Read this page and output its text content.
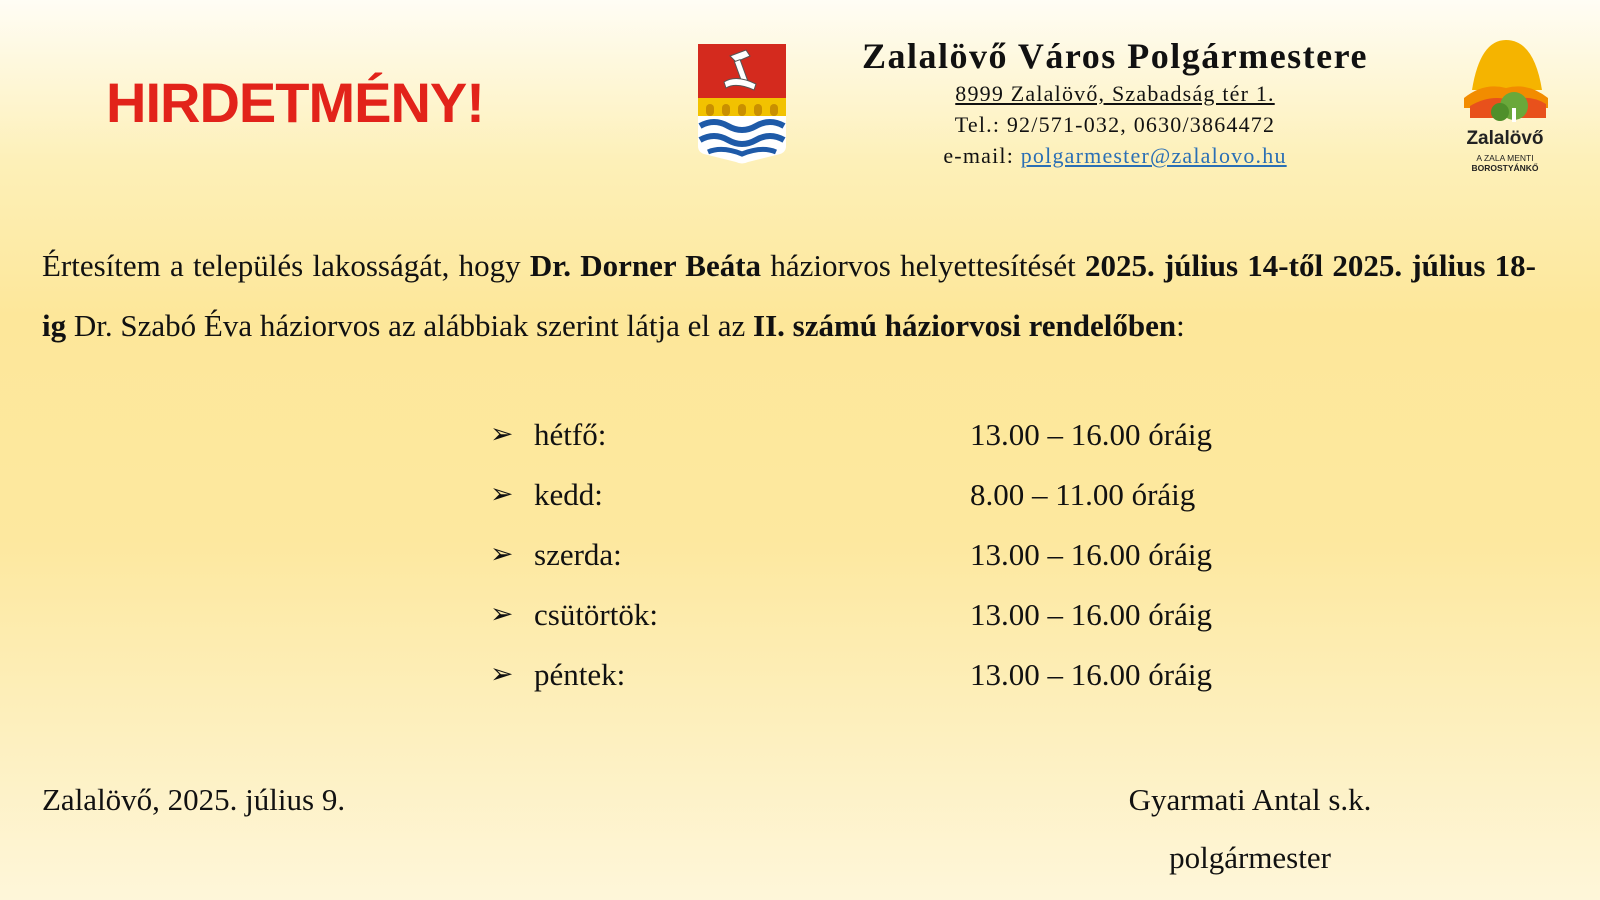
HIRDETMÉNY!
Zalalövő Város Polgármestere
8999 Zalalövő, Szabadság tér 1.
Tel.: 92/571-032, 0630/3864472
e-mail: polgarmester@zalalovo.hu
Zalalövő
A ZALA MENTI
BOROSTYÁNKŐ
Értesítem a település lakosságát, hogy Dr. Dorner Beáta háziorvos helyettesítését 2025. július 14-től 2025. július 18-ig Dr. Szabó Éva háziorvos az alábbiak szerint látja el az II. számú háziorvosi rendelőben:
➢ hétfő:	13.00 – 16.00 óráig
➢ kedd:	8.00 – 11.00 óráig
➢ szerda:	13.00 – 16.00 óráig
➢ csütörtök:	13.00 – 16.00 óráig
➢ péntek:	13.00 – 16.00 óráig
Zalalövő, 2025. július 9.	Gyarmati Antal s.k.
polgármester
